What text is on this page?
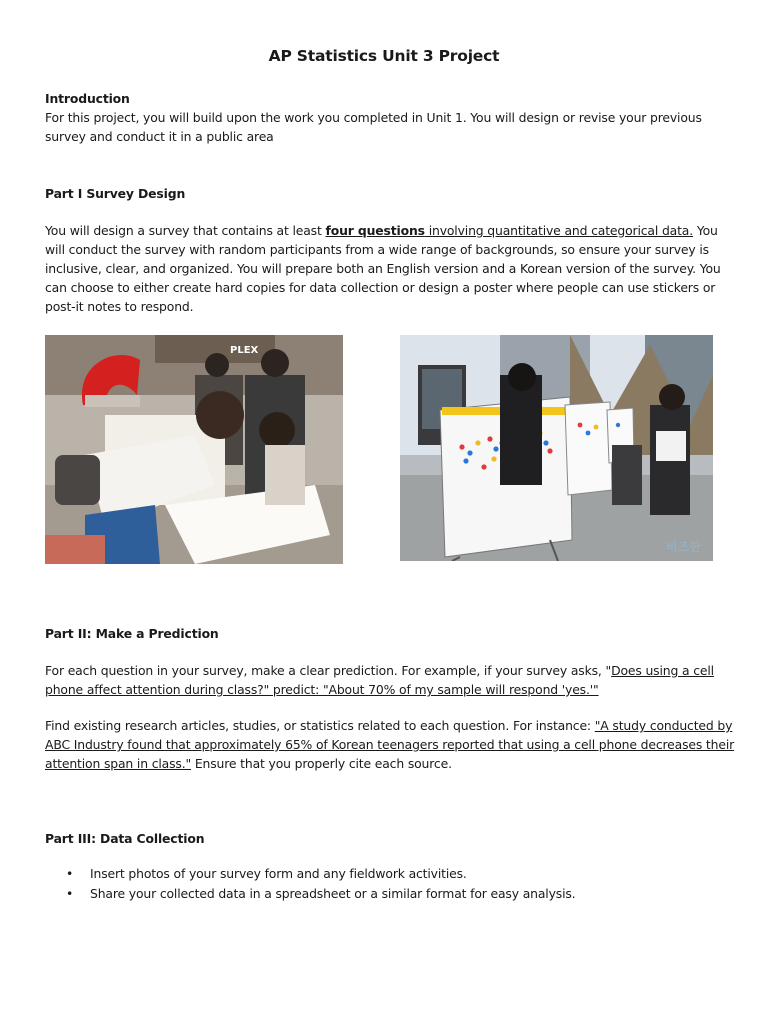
AP Statistics Unit 3 Project
Introduction
For this project, you will build upon the work you completed in Unit 1. You will design or revise your previous survey and conduct it in a public area
Part I Survey Design
You will design a survey that contains at least four questions involving quantitative and categorical data. You will conduct the survey with random participants from a wide range of backgrounds, so ensure your survey is inclusive, clear, and organized. You will prepare both an English version and a Korean version of the survey. You can choose to either create hard copies for data collection or design a poster where people can use stickers or post-it notes to respond.
PLEX
비즈한
Part II: Make a Prediction
For each question in your survey, make a clear prediction. For example, if your survey asks, "Does using a cell phone affect attention during class?" predict: "About 70% of my sample will respond 'yes.'"
Find existing research articles, studies, or statistics related to each question. For instance: "A study conducted by ABC Industry found that approximately 65% of Korean teenagers reported that using a cell phone decreases their attention span in class." Ensure that you properly cite each source.
Part III: Data Collection
• Insert photos of your survey form and any fieldwork activities.
• Share your collected data in a spreadsheet or a similar format for easy analysis.
